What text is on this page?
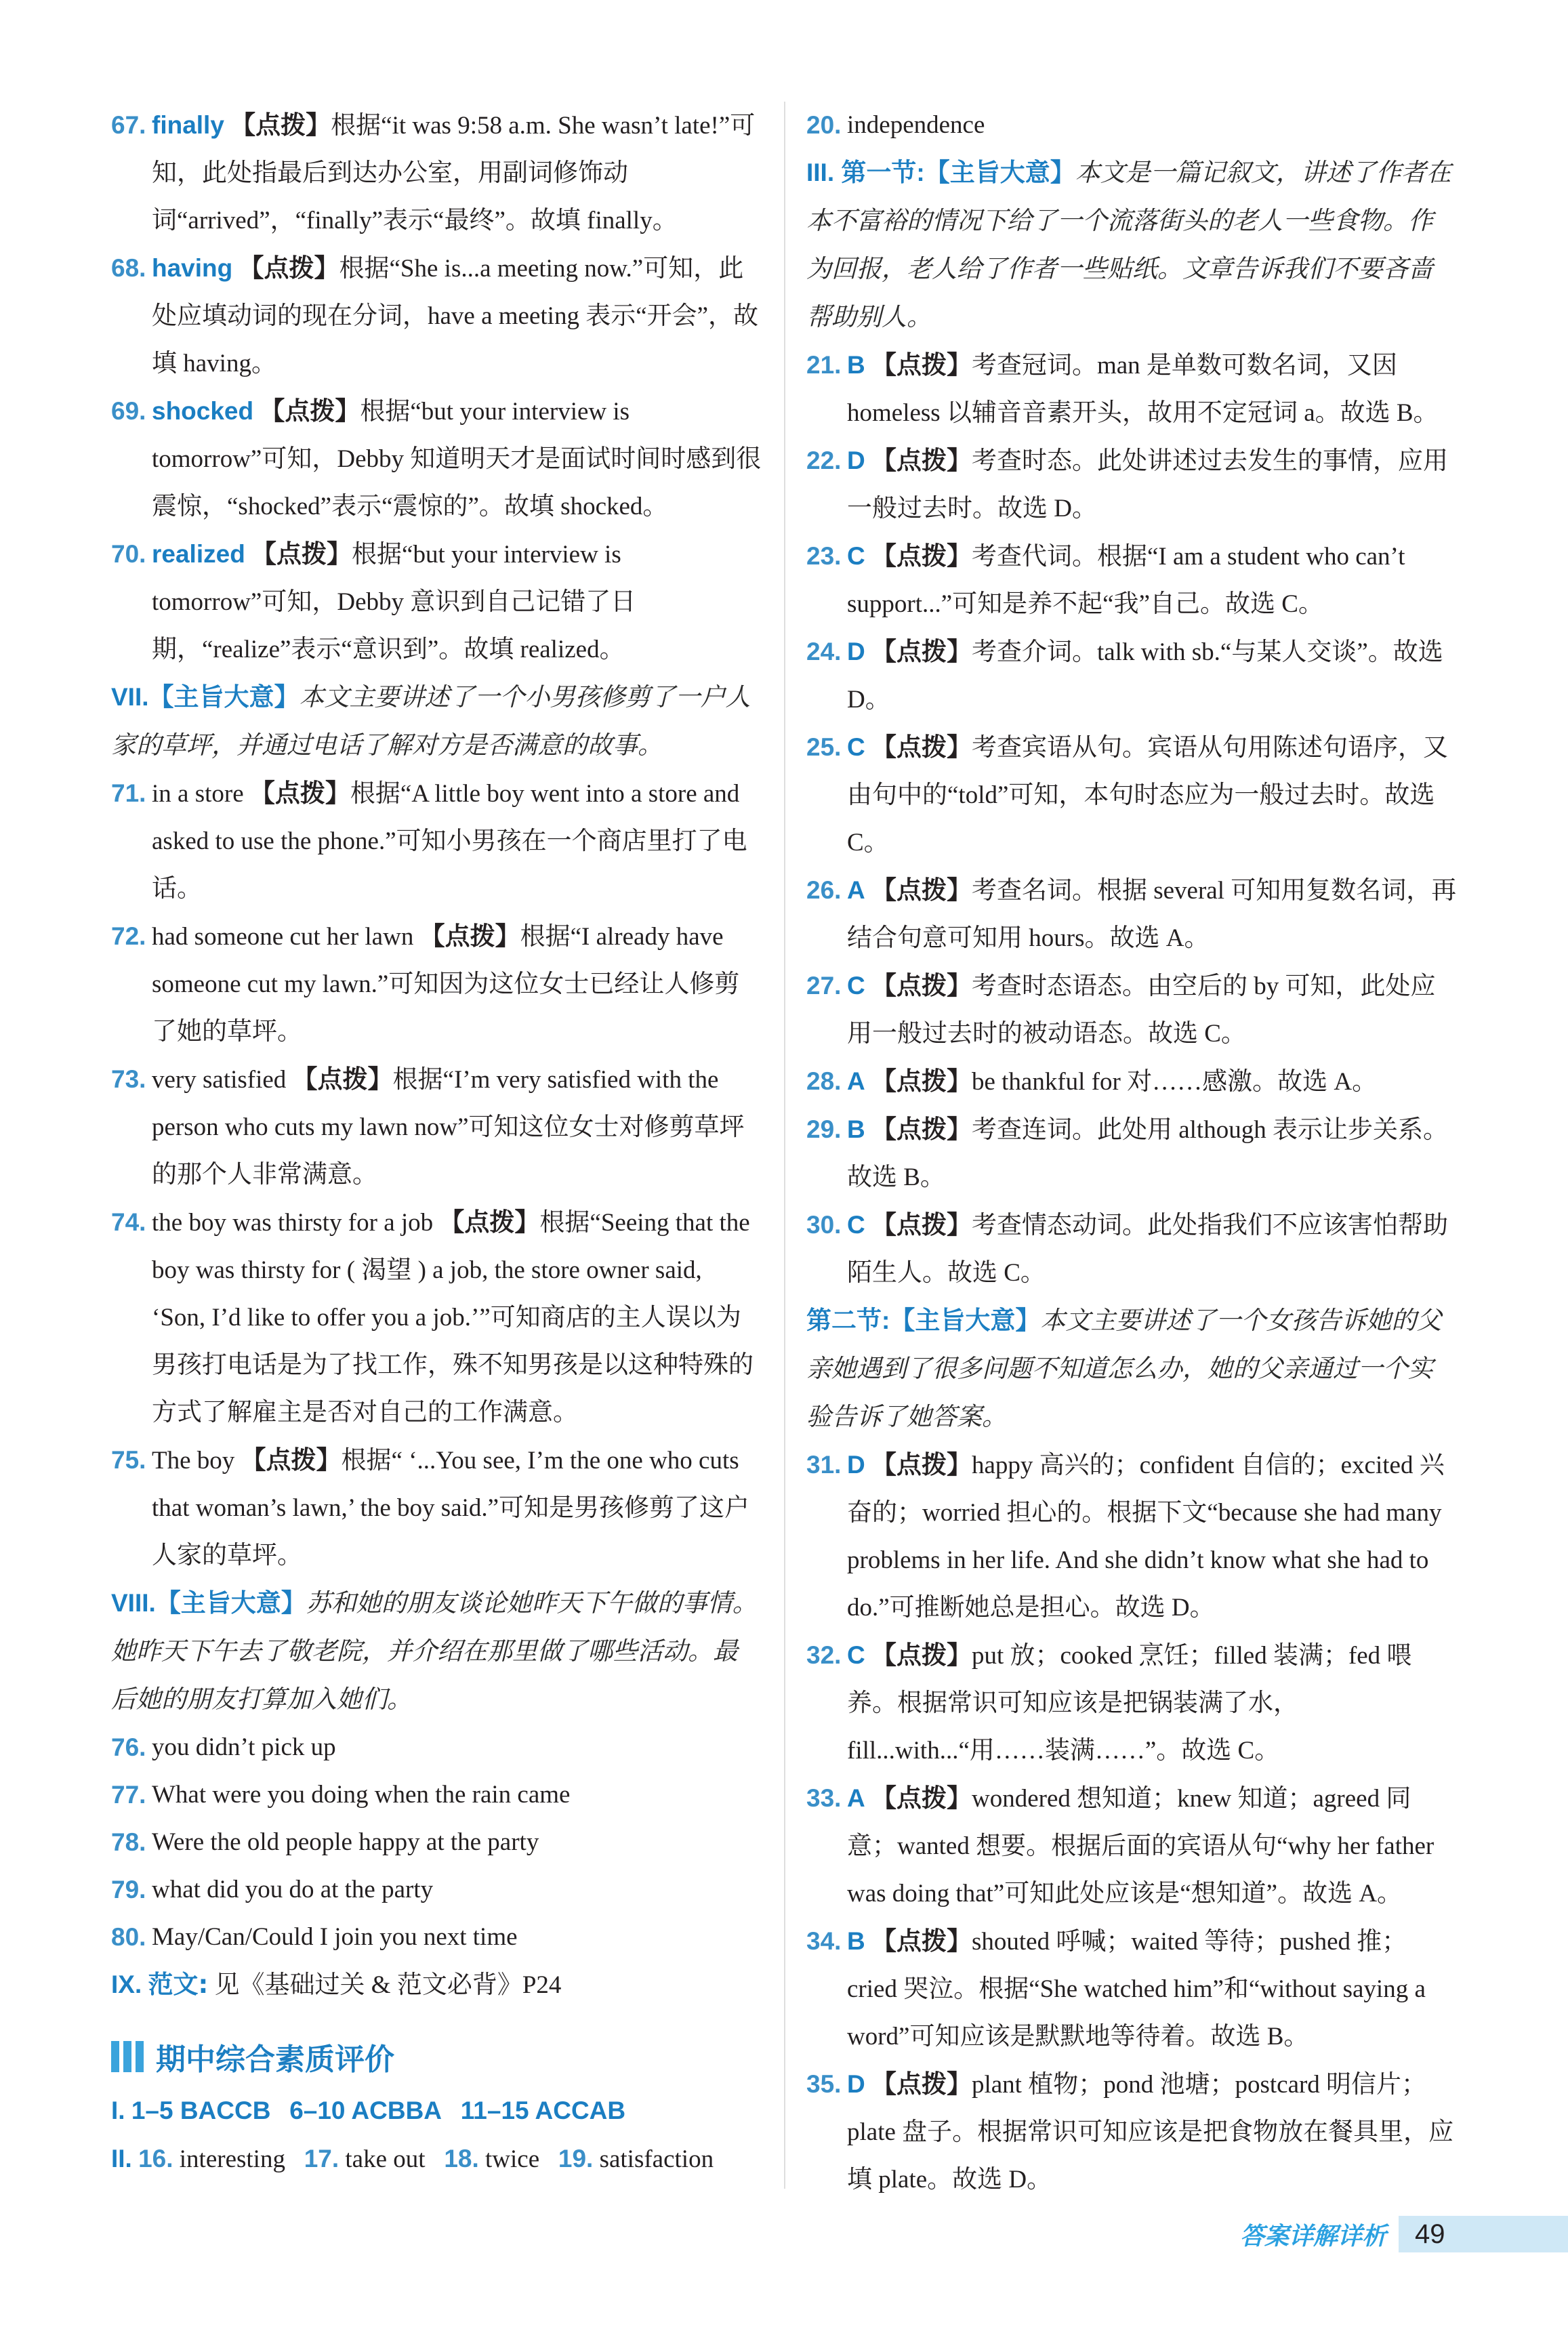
67. finally 【点拨】根据“it was 9:58 a.m. She wasn’t late!”可知，此处指最后到达办公室，用副词修饰动词“arrived”，“finally”表示“最终”。故填 finally。

68. having 【点拨】根据“She is...a meeting now.”可知，此处应填动词的现在分词，have a meeting 表示“开会”，故填 having。

69. shocked 【点拨】根据“but your interview is tomorrow”可知，Debby 知道明天才是面试时间时感到很震惊，“shocked”表示“震惊的”。故填 shocked。

70. realized 【点拨】根据“but your interview is tomorrow”可知，Debby 意识到自己记错了日期，“realize”表示“意识到”。故填 realized。

VII.【主旨大意】本文主要讲述了一个小男孩修剪了一户人家的草坪，并通过电话了解对方是否满意的故事。

71. in a store 【点拨】根据“A little boy went into a store and asked to use the phone.”可知小男孩在一个商店里打了电话。

72. had someone cut her lawn 【点拨】根据“I already have someone cut my lawn.”可知因为这位女士已经让人修剪了她的草坪。

73. very satisfied 【点拨】根据“I’m very satisfied with the person who cuts my lawn now”可知这位女士对修剪草坪的那个人非常满意。

74. the boy was thirsty for a job 【点拨】根据“Seeing that the boy was thirsty for ( 渴望 ) a job, the store owner said, ‘Son, I’d like to offer you a job.’”可知商店的主人误以为男孩打电话是为了找工作，殊不知男孩是以这种特殊的方式了解雇主是否对自己的工作满意。

75. The boy 【点拨】根据“ ‘...You see, I’m the one who cuts that woman’s lawn,’ the boy said.”可知是男孩修剪了这户人家的草坪。

VIII.【主旨大意】苏和她的朋友谈论她昨天下午做的事情。她昨天下午去了敬老院，并介绍在那里做了哪些活动。最后她的朋友打算加入她们。

76. you didn’t pick up

77. What were you doing when the rain came

78. Were the old people happy at the party

79. what did you do at the party

80. May/Can/Could I join you next time

IX. 范文: 见《基础过关 & 范文必背》P24

期中综合素质评价
I. 1–5 BACCB 6–10 ACBBA 11–15 ACCAB
II. 16. interesting 17. take out 18. twice 19. satisfaction

20. independence

III. 第一节:【主旨大意】本文是一篇记叙文，讲述了作者在本不富裕的情况下给了一个流落街头的老人一些食物。作为回报，老人给了作者一些贴纸。文章告诉我们不要吝啬帮助别人。

21. B 【点拨】考查冠词。man 是单数可数名词，又因 homeless 以辅音音素开头，故用不定冠词 a。故选 B。

22. D 【点拨】考查时态。此处讲述过去发生的事情，应用一般过去时。故选 D。

23. C 【点拨】考查代词。根据“I am a student who can’t support...”可知是养不起“我”自己。故选 C。

24. D 【点拨】考查介词。talk with sb.“与某人交谈”。故选 D。

25. C 【点拨】考查宾语从句。宾语从句用陈述句语序，又由句中的“told”可知，本句时态应为一般过去时。故选 C。

26. A 【点拨】考查名词。根据 several 可知用复数名词，再结合句意可知用 hours。故选 A。

27. C 【点拨】考查时态语态。由空后的 by 可知，此处应用一般过去时的被动语态。故选 C。

28. A 【点拨】be thankful for 对……感激。故选 A。

29. B 【点拨】考查连词。此处用 although 表示让步关系。故选 B。

30. C 【点拨】考查情态动词。此处指我们不应该害怕帮助陌生人。故选 C。

第二节:【主旨大意】本文主要讲述了一个女孩告诉她的父亲她遇到了很多问题不知道怎么办，她的父亲通过一个实验告诉了她答案。

31. D 【点拨】happy 高兴的；confident 自信的；excited 兴奋的；worried 担心的。根据下文“because she had many problems in her life. And she didn’t know what she had to do.”可推断她总是担心。故选 D。

32. C 【点拨】put 放；cooked 烹饪；filled 装满；fed 喂养。根据常识可知应该是把锅装满了水，fill...with...“用……装满……”。故选 C。

33. A 【点拨】wondered 想知道；knew 知道；agreed 同意；wanted 想要。根据后面的宾语从句“why her father was doing that”可知此处应该是“想知道”。故选 A。

34. B 【点拨】shouted 呼喊；waited 等待；pushed 推；cried 哭泣。根据“She watched him”和“without saying a word”可知应该是默默地等待着。故选 B。

35. D 【点拨】plant 植物；pond 池塘；postcard 明信片；plate 盘子。根据常识可知应该是把食物放在餐具里，应填 plate。故选 D。

答案详解详析	49
